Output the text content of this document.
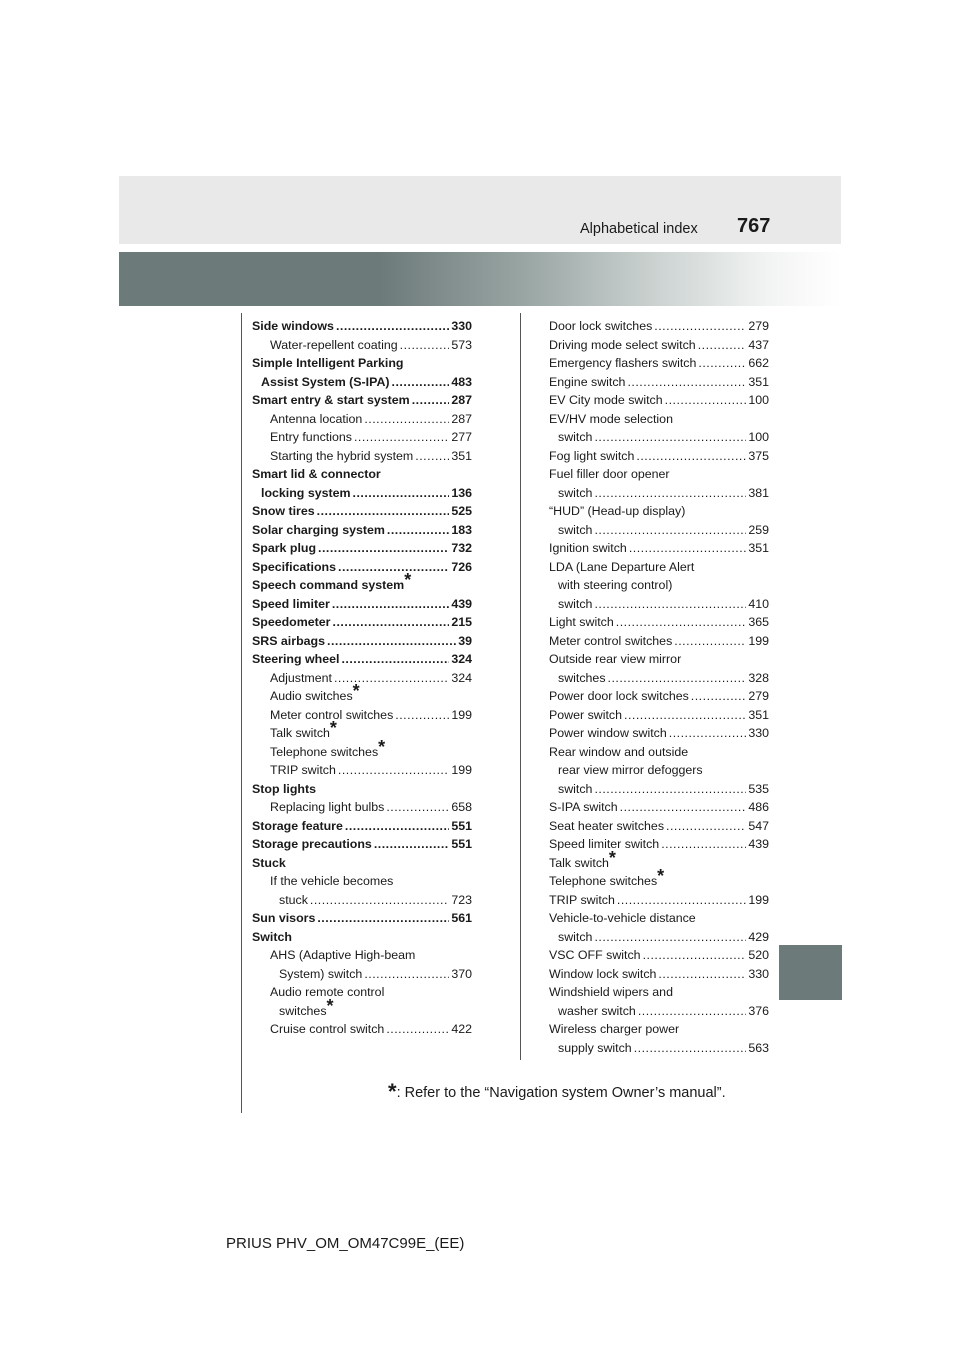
Alphabetical index 767
Side windows .....	330
Water-repellent coating .....	573
Simple Intelligent Parking
Assist System (S-IPA) .....	483
Smart entry & start system .....	287
Antenna location .....	287
Entry functions .....	277
Starting the hybrid system .....	351
Smart lid & connector
locking system .....	136
Snow tires .....	525
Solar charging system .....	183
Spark plug .....	732
Specifications .....	726
Speech command system*
Speed limiter .....	439
Speedometer .....	215
SRS airbags .....	39
Steering wheel .....	324
Adjustment .....	324
Audio switches*
Meter control switches .....	199
Talk switch*
Telephone switches*
TRIP switch .....	199
Stop lights
Replacing light bulbs .....	658
Storage feature .....	551
Storage precautions .....	551
Stuck
If the vehicle becomes
stuck .....	723
Sun visors .....	561
Switch
AHS (Adaptive High-beam
System) switch .....	370
Audio remote control
switches*
Cruise control switch .....	422
Door lock switches .....	279
Driving mode select switch .....	437
Emergency flashers switch .....	662
Engine switch .....	351
EV City mode switch .....	100
EV/HV mode selection
switch .....	100
Fog light switch .....	375
Fuel filler door opener
switch .....	381
“HUD” (Head-up display)
switch .....	259
Ignition switch .....	351
LDA (Lane Departure Alert
with steering control)
switch .....	410
Light switch .....	365
Meter control switches .....	199
Outside rear view mirror
switches .....	328
Power door lock switches .....	279
Power switch .....	351
Power window switch .....	330
Rear window and outside
rear view mirror defoggers
switch .....	535
S-IPA switch .....	486
Seat heater switches .....	547
Speed limiter switch .....	439
Talk switch*
Telephone switches*
TRIP switch .....	199
Vehicle-to-vehicle distance
switch .....	429
VSC OFF switch .....	520
Window lock switch .....	330
Windshield wipers and
washer switch .....	376
Wireless charger power
supply switch .....	563
*: Refer to the “Navigation system Owner’s manual”.
PRIUS PHV_OM_OM47C99E_(EE)
